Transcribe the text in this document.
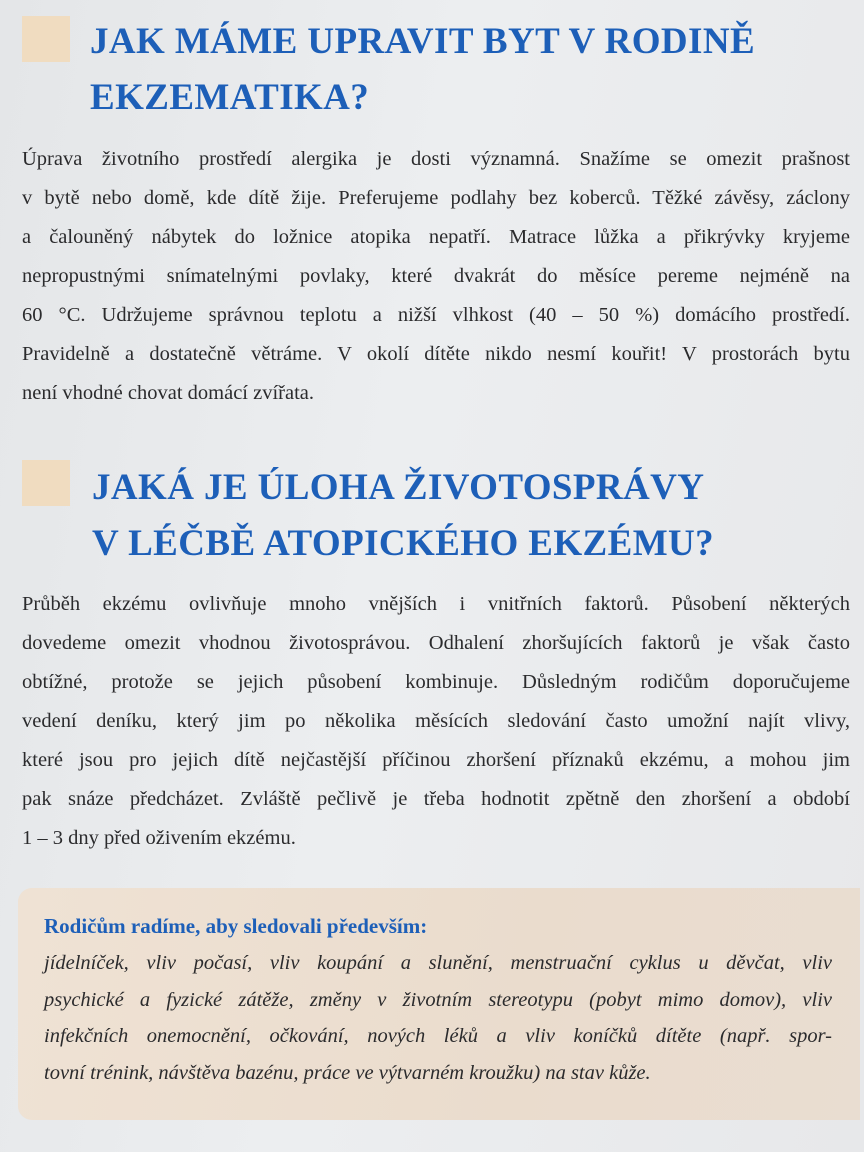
JAK MÁME UPRAVIT BYT V RODINĚ
EKZEMATIKA?

Úprava životního prostředí alergika je dosti významná. Snažíme se omezit prašnost
v bytě nebo domě, kde dítě žije. Preferujeme podlahy bez koberců. Těžké závěsy, záclony
a čalouněný nábytek do ložnice atopika nepatří. Matrace lůžka a přikrývky kryjeme
nepropustnými snímatelnými povlaky, které dvakrát do měsíce pereme nejméně na
60 °C. Udržujeme správnou teplotu a nižší vlhkost (40 – 50 %) domácího prostředí.
Pravidelně a dostatečně větráme. V okolí dítěte nikdo nesmí kouřit! V prostorách bytu
není vhodné chovat domácí zvířata.

JAKÁ JE ÚLOHA ŽIVOTOSPRÁVY
V LÉČBĚ ATOPICKÉHO EKZÉMU?

Průběh ekzému ovlivňuje mnoho vnějších i vnitřních faktorů. Působení některých
dovedeme omezit vhodnou životosprávou. Odhalení zhoršujících faktorů je však často
obtížné, protože se jejich působení kombinuje. Důsledným rodičům doporučujeme
vedení deníku, který jim po několika měsících sledování často umožní najít vlivy,
které jsou pro jejich dítě nejčastější příčinou zhoršení příznaků ekzému, a mohou jim
pak snáze předcházet. Zvláště pečlivě je třeba hodnotit zpětně den zhoršení a období
1 – 3 dny před oživením ekzému.

Rodičům radíme, aby sledovali především:

jídelníček, vliv počasí, vliv koupání a slunění, menstruační cyklus u děvčat, vliv
psychické a fyzické zátěže, změny v životním stereotypu (pobyt mimo domov), vliv
infekčních onemocnění, očkování, nových léků a vliv koníčků dítěte (např. spor-
tovní trénink, návštěva bazénu, práce ve výtvarném kroužku) na stav kůže.
